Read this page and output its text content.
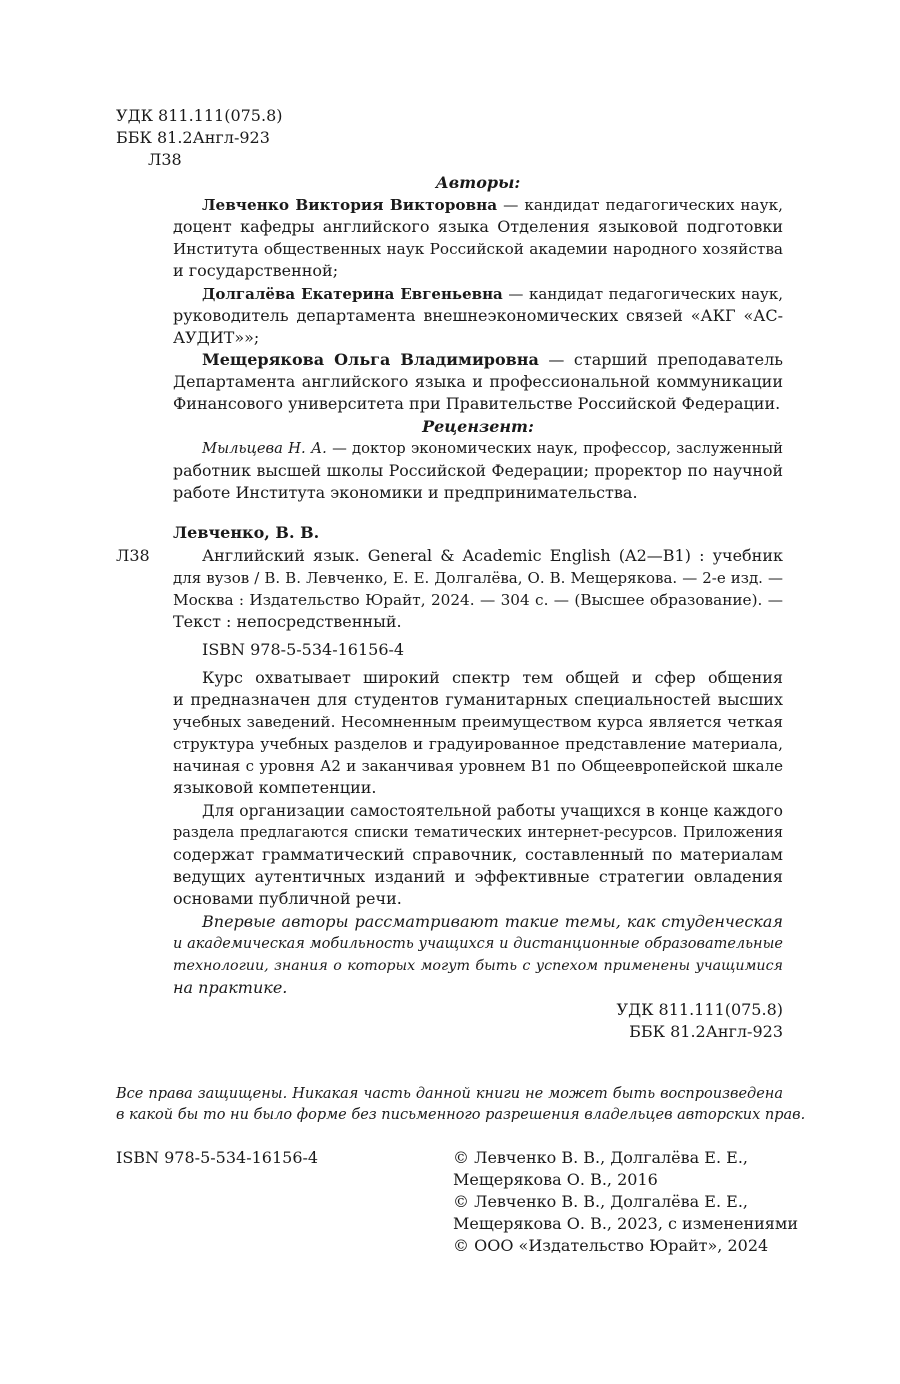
УДК 811.111(075.8)
ББК 81.2Англ-923
Л38
Авторы:
Левченко Виктория Викторовна — кандидат педагогических наук,
доцент кафедры английского языка Отделения языковой подготовки
Института общественных наук Российской академии народного хозяйства
и государственной;
Долгалёва Екатерина Евгеньевна — кандидат педагогических наук,
руководитель департамента внешнеэкономических связей «АКГ «АС-
АУДИТ»»;
Мещерякова Ольга Владимировна — старший преподаватель
Департамента английского языка и профессиональной коммуникации
Финансового университета при Правительстве Российской Федерации.
Рецензент:
Мыльцева Н. А. — доктор экономических наук, профессор, заслуженный
работник высшей школы Российской Федерации; проректор по научной
работе Института экономики и предпринимательства.
Левченко, В. В.
Л38	Английский язык. General & Academic English (A2—B1) : учебник
для вузов / В. В. Левченко, Е. Е. Долгалёва, О. В. Мещерякова. — 2-е изд. —
Москва : Издательство Юрайт, 2024. — 304 с. — (Высшее образование). —
Текст : непосредственный.
ISBN 978-5-534-16156-4
Курс охватывает широкий спектр тем общей и сфер общения
и предназначен для студентов гуманитарных специальностей высших
учебных заведений. Несомненным преимуществом курса является четкая
структура учебных разделов и градуированное представление материала,
начиная с уровня А2 и заканчивая уровнем В1 по Общеевропейской шкале
языковой компетенции.
Для организации самостоятельной работы учащихся в конце каждого
раздела предлагаются списки тематических интернет-ресурсов. Приложения
содержат грамматический справочник, составленный по материалам
ведущих аутентичных изданий и эффективные стратегии овладения
основами публичной речи.
Впервые авторы рассматривают такие темы, как студенческая
и академическая мобильность учащихся и дистанционные образовательные
технологии, знания о которых могут быть с успехом применены учащимися
на практике.
УДК 811.111(075.8)
ББК 81.2Англ-923
Все права защищены. Никакая часть данной книги не может быть воспроизведена
в какой бы то ни было форме без письменного разрешения владельцев авторских прав.
ISBN 978-5-534-16156-4	© Левченко В. В., Долгалёва Е. Е.,
Мещерякова О. В., 2016
© Левченко В. В., Долгалёва Е. Е.,
Мещерякова О. В., 2023, с изменениями
© ООО «Издательство Юрайт», 2024
